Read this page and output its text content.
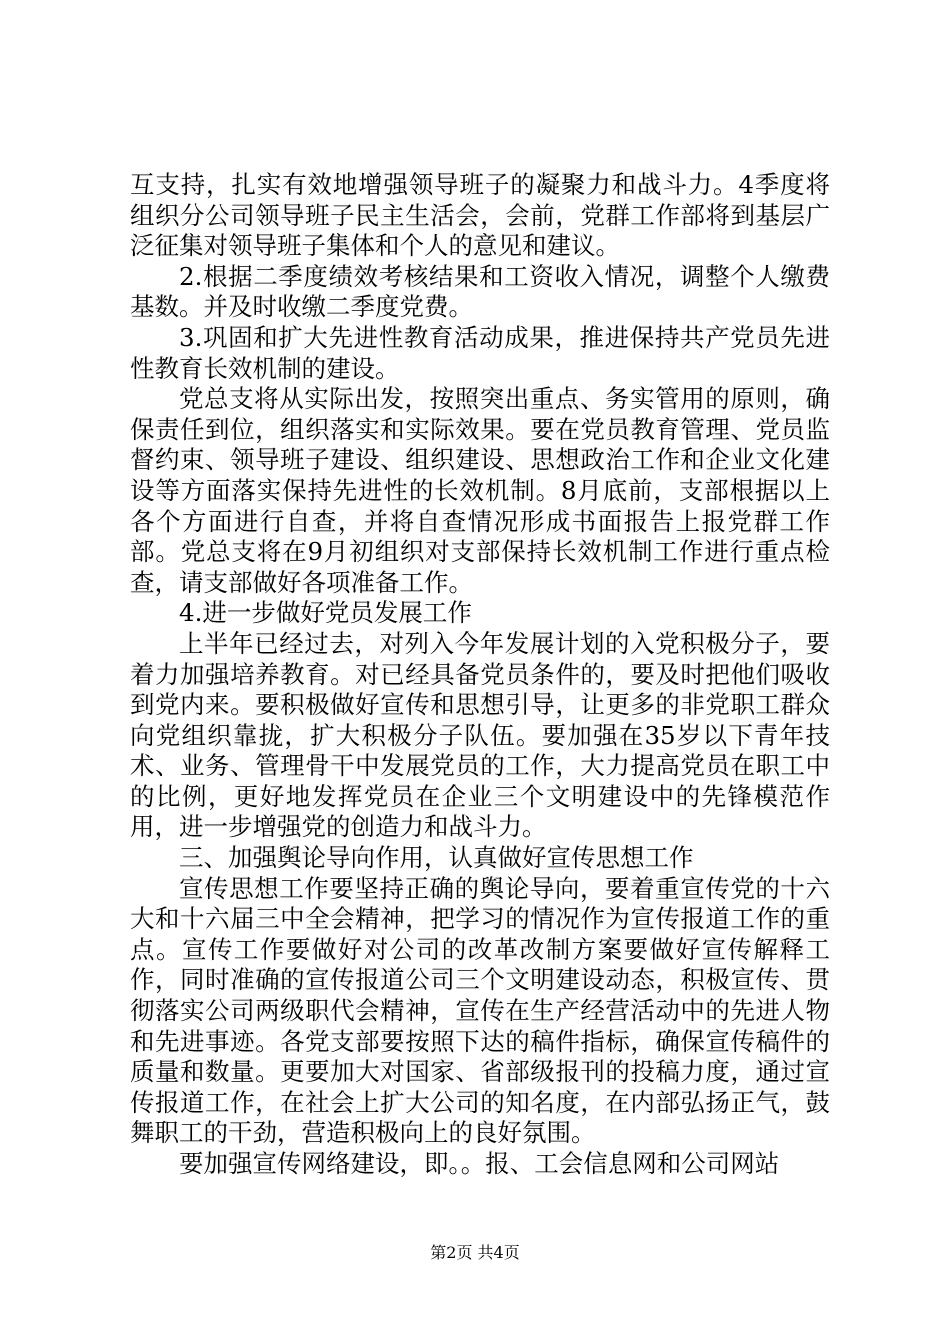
互支持，扎实有效地增强领导班子的凝聚力和战斗力。4季度将组织分公司领导班子民主生活会，会前，党群工作部将到基层广泛征集对领导班子集体和个人的意见和建议。

2.根据二季度绩效考核结果和工资收入情况，调整个人缴费基数。并及时收缴二季度党费。

3.巩固和扩大先进性教育活动成果，推进保持共产党员先进性教育长效机制的建设。

党总支将从实际出发，按照突出重点、务实管用的原则，确保责任到位，组织落实和实际效果。要在党员教育管理、党员监督约束、领导班子建设、组织建设、思想政治工作和企业文化建设等方面落实保持先进性的长效机制。8月底前，支部根据以上各个方面进行自查，并将自查情况形成书面报告上报党群工作部。党总支将在9月初组织对支部保持长效机制工作进行重点检查，请支部做好各项准备工作。

4.进一步做好党员发展工作

上半年已经过去，对列入今年发展计划的入党积极分子，要着力加强培养教育。对已经具备党员条件的，要及时把他们吸收到党内来。要积极做好宣传和思想引导，让更多的非党职工群众向党组织靠拢，扩大积极分子队伍。要加强在35岁以下青年技术、业务、管理骨干中发展党员的工作，大力提高党员在职工中的比例，更好地发挥党员在企业三个文明建设中的先锋模范作用，进一步增强党的创造力和战斗力。

三、加强舆论导向作用，认真做好宣传思想工作

宣传思想工作要坚持正确的舆论导向，要着重宣传党的十六大和十六届三中全会精神，把学习的情况作为宣传报道工作的重点。宣传工作要做好对公司的改革改制方案要做好宣传解释工作，同时准确的宣传报道公司三个文明建设动态，积极宣传、贯彻落实公司两级职代会精神，宣传在生产经营活动中的先进人物和先进事迹。各党支部要按照下达的稿件指标，确保宣传稿件的质量和数量。更要加大对国家、省部级报刊的投稿力度，通过宣传报道工作，在社会上扩大公司的知名度，在内部弘扬正气，鼓舞职工的干劲，营造积极向上的良好氛围。

要加强宣传网络建设，即。。报、工会信息网和公司网站

第2页 共4页
